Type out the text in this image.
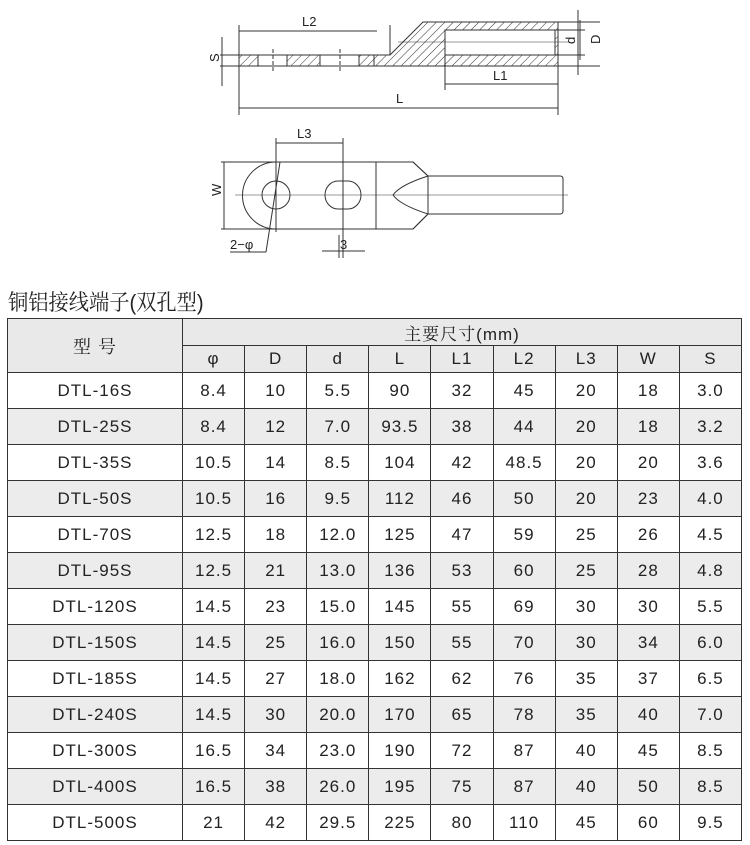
L2
S
d D
L1
L
L3
W
2−φ	3
铜铝接线端子(双孔型)
型 号	主要尺寸(mm)								
	φ	D	d	L	L1	L2	L3	W	S
DTL-16S	8.4	10	5.5	90	32	45	20	18	3.0
DTL-25S	8.4	12	7.0	93.5	38	44	20	18	3.2
DTL-35S	10.5	14	8.5	104	42	48.5	20	20	3.6
DTL-50S	10.5	16	9.5	112	46	50	20	23	4.0
DTL-70S	12.5	18	12.0	125	47	59	25	26	4.5
DTL-95S	12.5	21	13.0	136	53	60	25	28	4.8
DTL-120S	14.5	23	15.0	145	55	69	30	30	5.5
DTL-150S	14.5	25	16.0	150	55	70	30	34	6.0
DTL-185S	14.5	27	18.0	162	62	76	35	37	6.5
DTL-240S	14.5	30	20.0	170	65	78	35	40	7.0
DTL-300S	16.5	34	23.0	190	72	87	40	45	8.5
DTL-400S	16.5	38	26.0	195	75	87	40	50	8.5
DTL-500S	21	42	29.5	225	80	110	45	60	9.5
